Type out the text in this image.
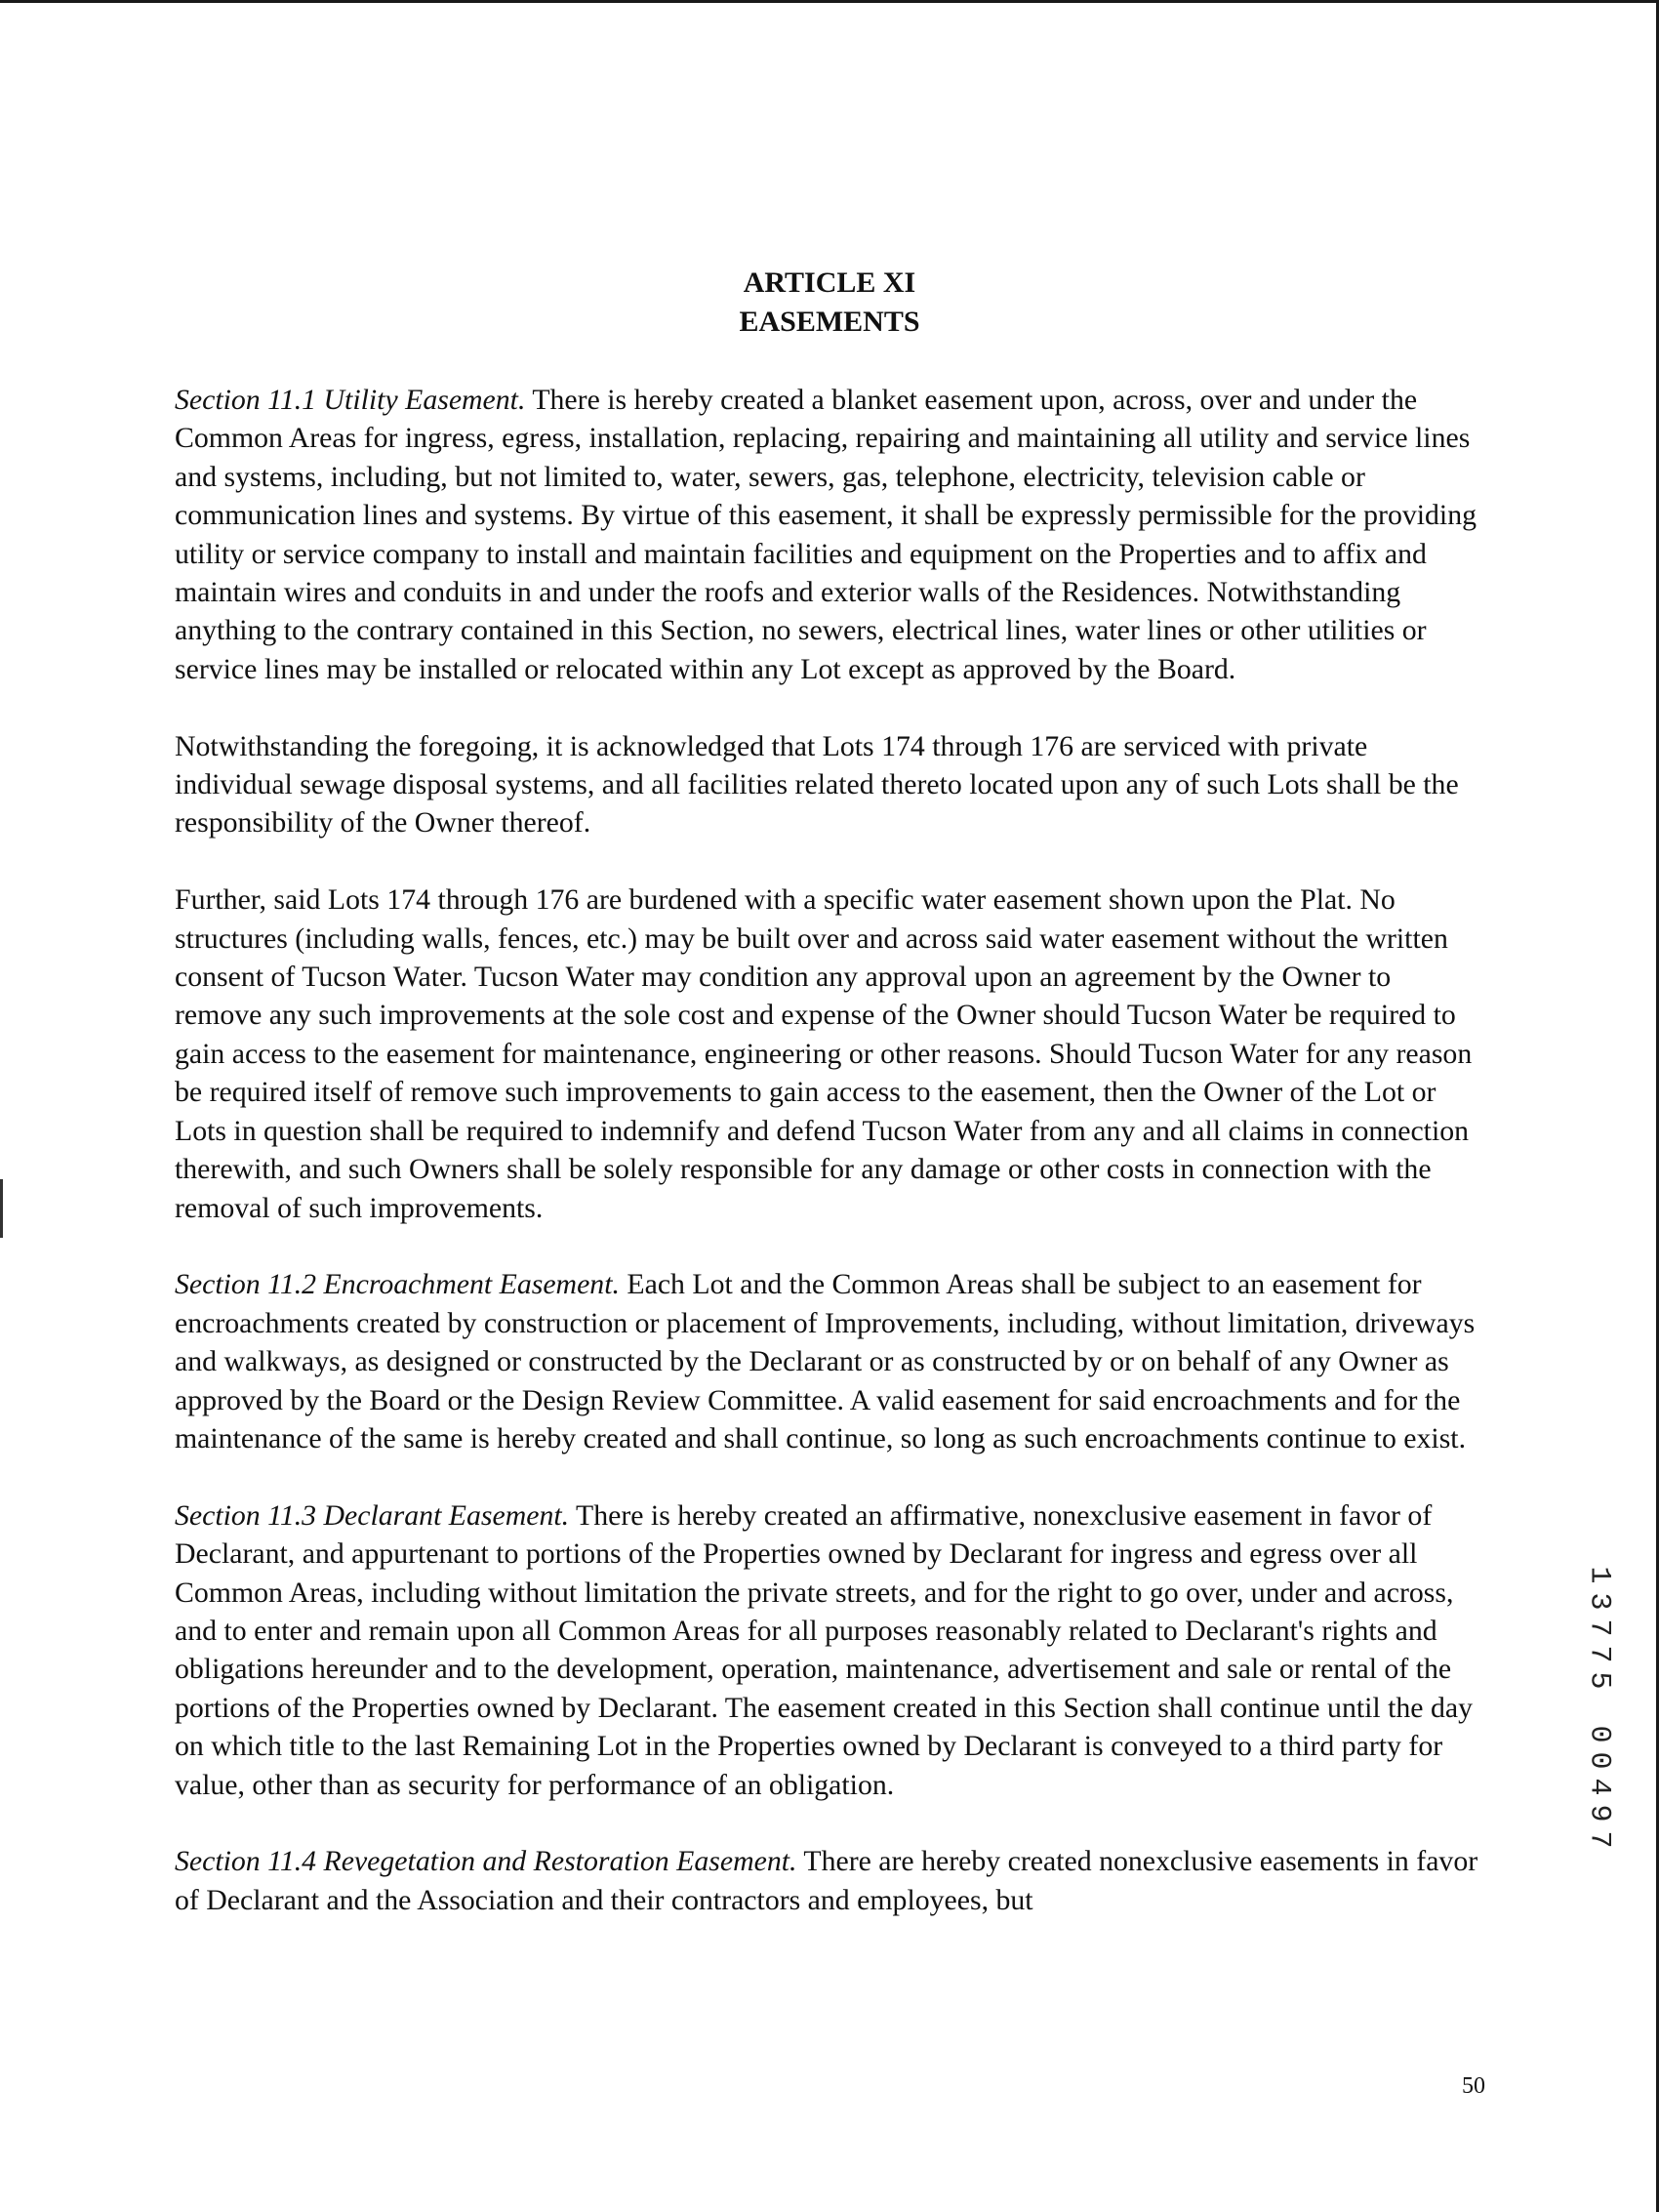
ARTICLE XI
EASEMENTS

Section 11.1 Utility Easement. There is hereby created a blanket easement upon, across, over and under the Common Areas for ingress, egress, installation, replacing, repairing and maintaining all utility and service lines and systems, including, but not limited to, water, sewers, gas, telephone, electricity, television cable or communication lines and systems. By virtue of this easement, it shall be expressly permissible for the providing utility or service company to install and maintain facilities and equipment on the Properties and to affix and maintain wires and conduits in and under the roofs and exterior walls of the Residences. Notwithstanding anything to the contrary contained in this Section, no sewers, electrical lines, water lines or other utilities or service lines may be installed or relocated within any Lot except as approved by the Board.

Notwithstanding the foregoing, it is acknowledged that Lots 174 through 176 are serviced with private individual sewage disposal systems, and all facilities related thereto located upon any of such Lots shall be the responsibility of the Owner thereof.

Further, said Lots 174 through 176 are burdened with a specific water easement shown upon the Plat. No structures (including walls, fences, etc.) may be built over and across said water easement without the written consent of Tucson Water. Tucson Water may condition any approval upon an agreement by the Owner to remove any such improvements at the sole cost and expense of the Owner should Tucson Water be required to gain access to the easement for maintenance, engineering or other reasons. Should Tucson Water for any reason be required itself of remove such improvements to gain access to the easement, then the Owner of the Lot or Lots in question shall be required to indemnify and defend Tucson Water from any and all claims in connection therewith, and such Owners shall be solely responsible for any damage or other costs in connection with the removal of such improvements.

Section 11.2 Encroachment Easement. Each Lot and the Common Areas shall be subject to an easement for encroachments created by construction or placement of Improvements, including, without limitation, driveways and walkways, as designed or constructed by the Declarant or as constructed by or on behalf of any Owner as approved by the Board or the Design Review Committee. A valid easement for said encroachments and for the maintenance of the same is hereby created and shall continue, so long as such encroachments continue to exist.

Section 11.3 Declarant Easement. There is hereby created an affirmative, nonexclusive easement in favor of Declarant, and appurtenant to portions of the Properties owned by Declarant for ingress and egress over all Common Areas, including without limitation the private streets, and for the right to go over, under and across, and to enter and remain upon all Common Areas for all purposes reasonably related to Declarant's rights and obligations hereunder and to the development, operation, maintenance, advertisement and sale or rental of the portions of the Properties owned by Declarant. The easement created in this Section shall continue until the day on which title to the last Remaining Lot in the Properties owned by Declarant is conveyed to a third party for value, other than as security for performance of an obligation.

Section 11.4 Revegetation and Restoration Easement. There are hereby created nonexclusive easements in favor of Declarant and the Association and their contractors and employees, but

1
3
7
7
5
0
0
4
9
7
50
